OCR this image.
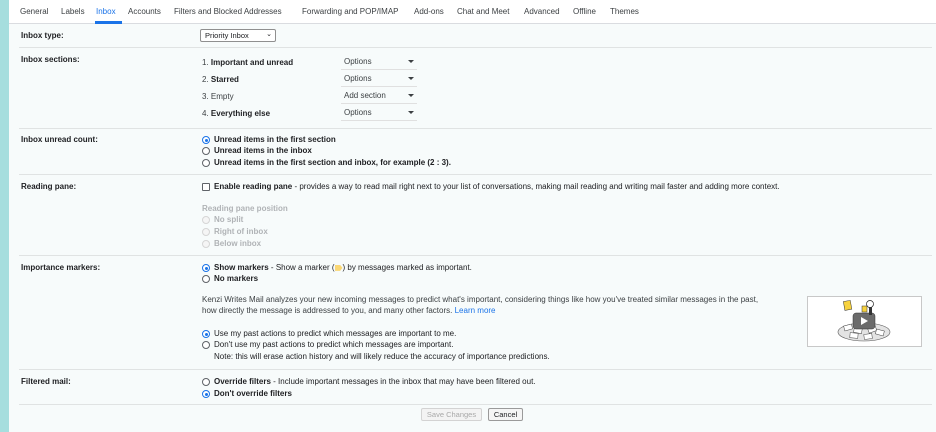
General Labels Inbox Accounts Filters and Blocked Addresses	Forwarding and POP/IMAP Add-ons Chat and Meet Advanced Offline Themes
Inbox type:	Priority Inbox ⌄
Inbox sections:	1. Important and unread	Options
2. Starred	Options
3. Empty	Add section
4. Everything else	Options
Inbox unread count:	Unread items in the first section
Unread items in the inbox
Unread items in the first section and inbox, for example (2 : 3).
Reading pane:	Enable reading pane - provides a way to read mail right next to your list of conversations, making mail reading and writing mail faster and adding more context.
Reading pane position
No split
Right of inbox
Below inbox
Importance markers:	Show markers - Show a marker ( ) by messages marked as important.
No markers
Kenzi Writes Mail analyzes your new incoming messages to predict what's important, considering things like how you've treated similar messages in the past,
how directly the message is addressed to you, and many other factors. Learn more
Use my past actions to predict which messages are important to me.
Don't use my past actions to predict which messages are important.
Note: this will erase action history and will likely reduce the accuracy of importance predictions.
Filtered mail:	Override filters - Include important messages in the inbox that may have been filtered out.
Don't override filters
Save Changes	Cancel
